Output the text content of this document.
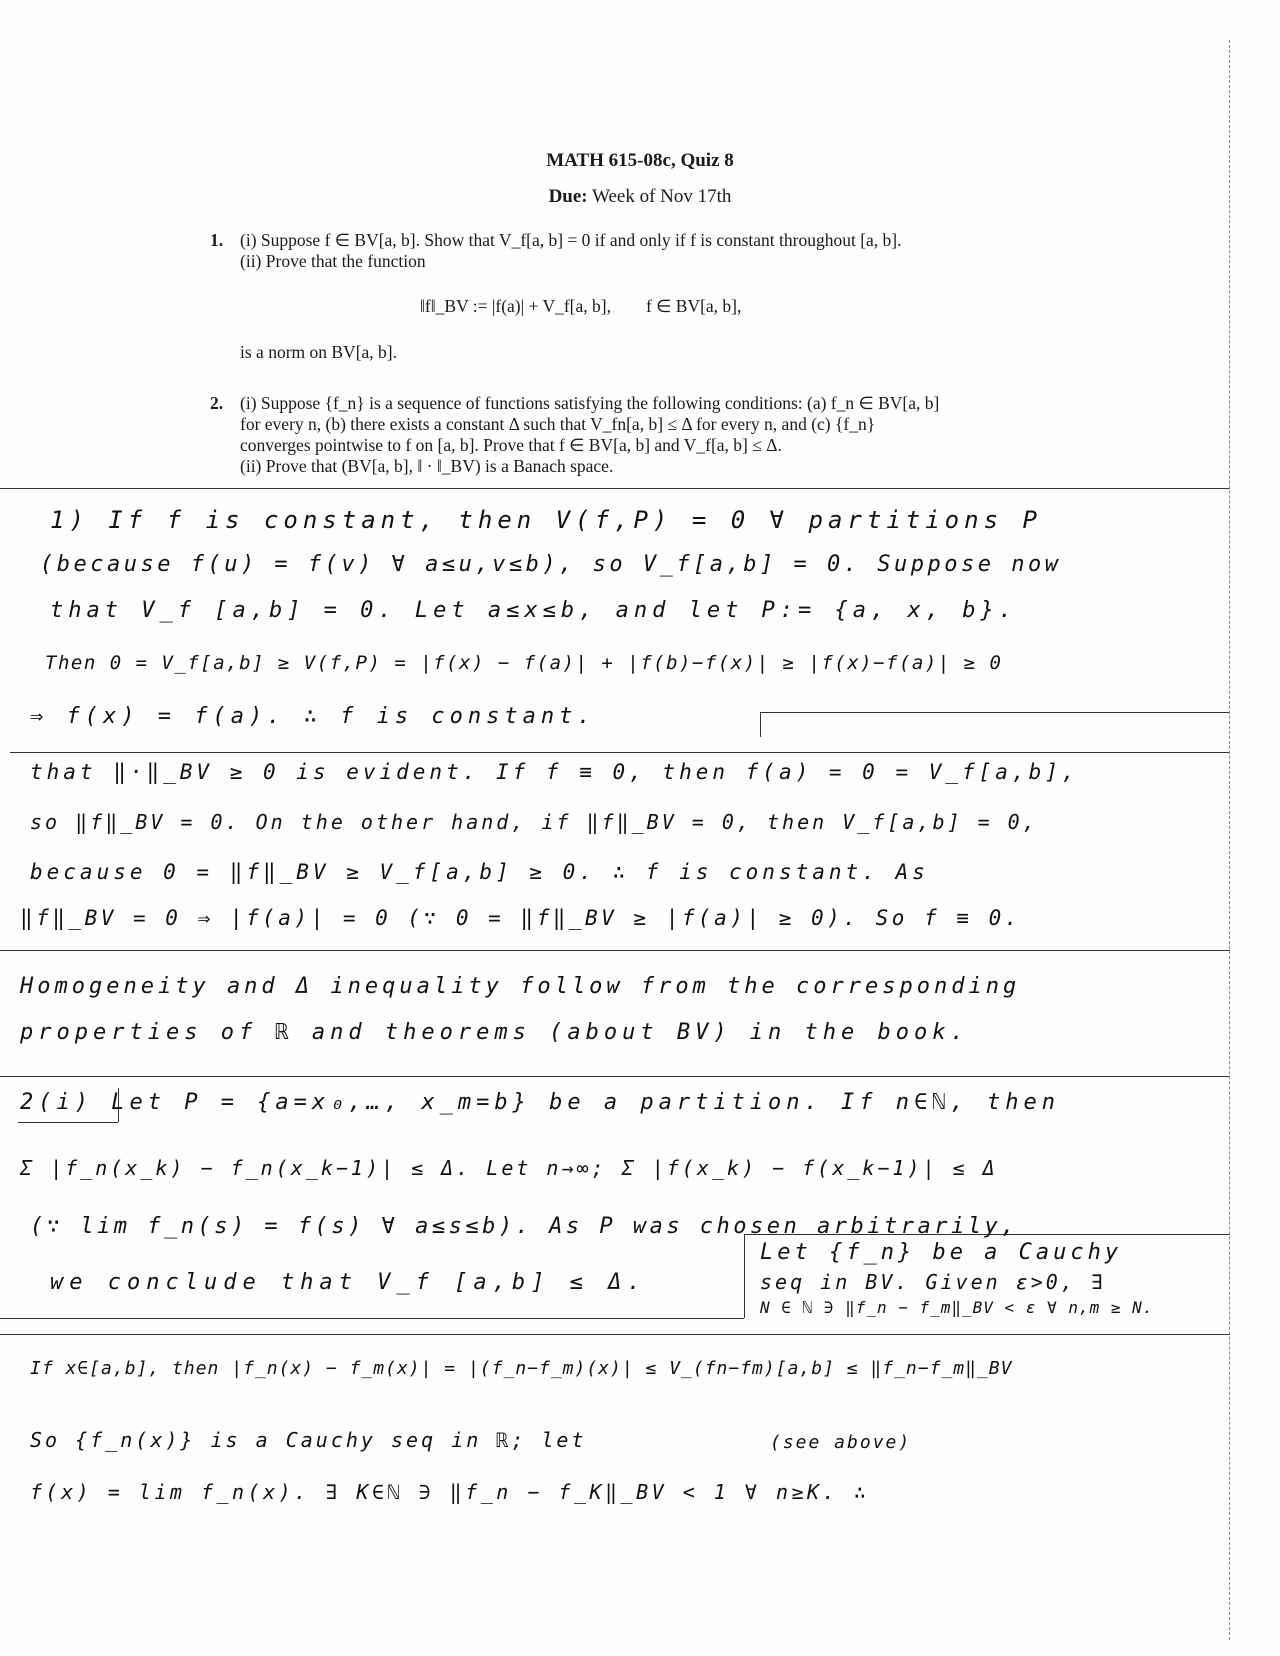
MATH 615-08c, Quiz 8
Due: Week of Nov 17th
1. (i) Suppose f ∈ BV[a, b]. Show that V_f[a, b] = 0 if and only if f is constant throughout [a, b].
(ii) Prove that the function
‖f‖_BV := |f(a)| + V_f[a, b],        f ∈ BV[a, b],
is a norm on BV[a, b].
2. (i) Suppose {f_n} is a sequence of functions satisfying the following conditions: (a) f_n ∈ BV[a, b]
for every n, (b) there exists a constant Δ such that V_fn[a, b] ≤ Δ for every n, and (c) {f_n}
converges pointwise to f on [a, b]. Prove that f ∈ BV[a, b] and V_f[a, b] ≤ Δ.
(ii) Prove that (BV[a, b], ‖ · ‖_BV) is a Banach space.
1) If f is constant, then V(f,P) = 0 ∀ partitions P
(because f(u) = f(v) ∀ a≤u,v≤b), so V_f[a,b] = 0. Suppose now
that V_f [a,b] = 0. Let a≤x≤b, and let P:= {a, x, b}.
Then 0 = V_f[a,b] ≥ V(f,P) = |f(x) − f(a)| + |f(b)−f(x)| ≥ |f(x)−f(a)| ≥ 0
⇒ f(x) = f(a). ∴ f is constant.
that ‖·‖_BV ≥ 0 is evident. If f ≡ 0, then f(a) = 0 = V_f[a,b],
so ‖f‖_BV = 0. On the other hand, if ‖f‖_BV = 0, then V_f[a,b] = 0,
because 0 = ‖f‖_BV ≥ V_f[a,b] ≥ 0. ∴ f is constant. As
‖f‖_BV = 0 ⇒ |f(a)| = 0 (∵ 0 = ‖f‖_BV ≥ |f(a)| ≥ 0). So f ≡ 0.
Homogeneity and Δ inequality follow from the corresponding
properties of ℝ and theorems (about BV) in the book.
2(i) Let P = {a=x₀,…, x_m=b} be a partition. If n∈ℕ, then
Σ |f_n(x_k) − f_n(x_k−1)| ≤ Δ. Let n→∞; Σ |f(x_k) − f(x_k−1)| ≤ Δ
(∵ lim f_n(s) = f(s) ∀ a≤s≤b). As P was chosen arbitrarily,
we conclude that V_f [a,b] ≤ Δ.
Let {f_n} be a Cauchy
seq in BV. Given ε>0, ∃
N ∈ ℕ ∋ ‖f_n − f_m‖_BV < ε ∀ n,m ≥ N.
If x∈[a,b], then |f_n(x) − f_m(x)| = |(f_n−f_m)(x)| ≤ V_(fn−fm)[a,b] ≤ ‖f_n−f_m‖_BV
So {f_n(x)} is a Cauchy seq in ℝ; let	(see above)
f(x) = lim f_n(x). ∃ K∈ℕ ∋ ‖f_n − f_K‖_BV < 1 ∀ n≥K. ∴
